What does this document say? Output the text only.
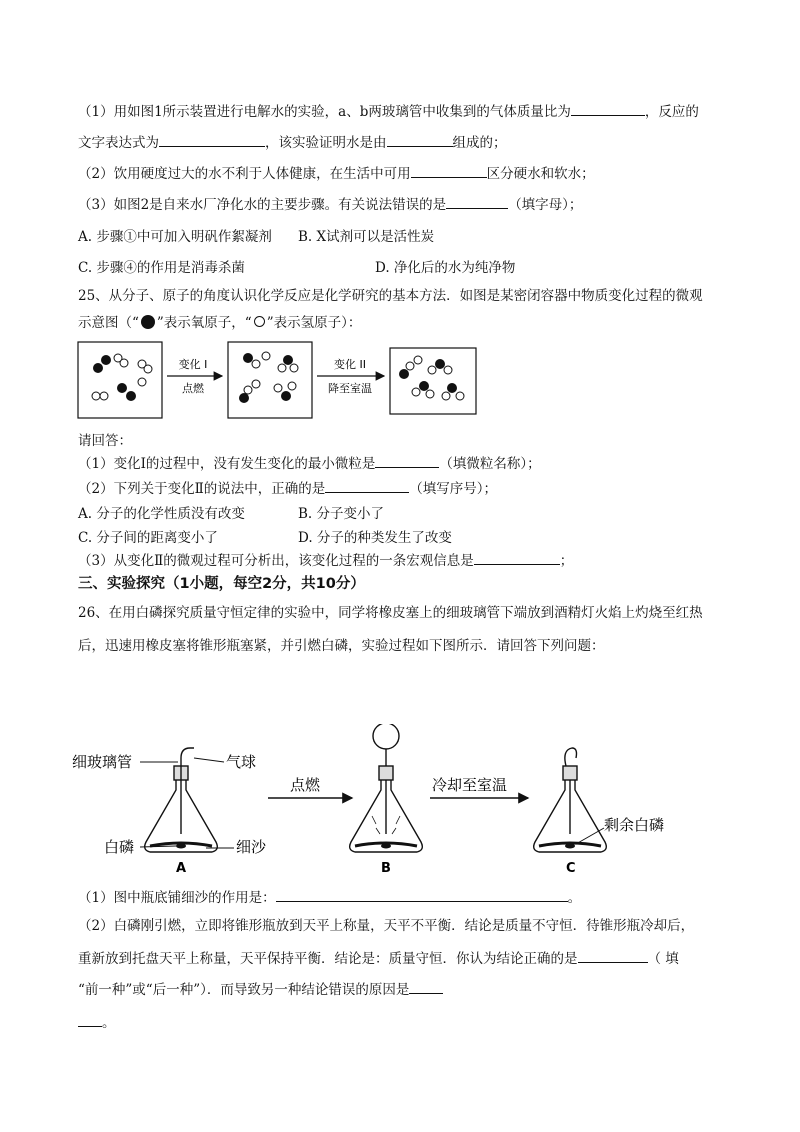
（1）用如图1所示装置进行电解水的实验，a、b两玻璃管中收集到的气体质量比为	，反应的
文字表达式为	，该实验证明水是由	组成的；
（2）饮用硬度过大的水不利于人体健康，在生活中可用	区分硬水和软水；
（3）如图2是自来水厂净化水的主要步骤。有关说法错误的是	（填字母）；
A. 步骤①中可加入明矾作絮凝剂 B. X试剂可以是活性炭
C. 步骤④的作用是消毒杀菌	D. 净化后的水为纯净物
25、从分子、原子的角度认识化学反应是化学研究的基本方法．如图是某密闭容器中物质变化过程的微观
示意图（“ ”表示氧原子，“ ”表示氢原子）：
变化 I
点燃
变化 II
降至室温
请回答：
（1）变化Ⅰ的过程中，没有发生变化的最小微粒是	（填微粒名称）；
（2）下列关于变化Ⅱ的说法中，正确的是	（填写序号）；
A. 分子的化学性质没有改变	B. 分子变小了
C. 分子间的距离变小了	D. 分子的种类发生了改变
（3）从变化Ⅱ的微观过程可分析出，该变化过程的一条宏观信息是	；
三、实验探究（1小题，每空2分，共10分）
26、在用白磷探究质量守恒定律的实验中，同学将橡皮塞上的细玻璃管下端放到酒精灯火焰上灼烧至红热
后，迅速用橡皮塞将锥形瓶塞紧，并引燃白磷，实验过程如下图所示．请回答下列问题：
细玻璃管	气球
白磷	细沙
A
点燃
B
冷却至室温
剩余白磷
C
（1）图中瓶底铺细沙的作用是：	。
（2）白磷刚引燃，立即将锥形瓶放到天平上称量，天平不平衡．结论是质量不守恒．待锥形瓶冷却后，
重新放到托盘天平上称量，天平保持平衡．结论是：质量守恒．你认为结论正确的是	（ 填
“前一种”或“后一种”）．而导致另一种结论错误的原因是
。
